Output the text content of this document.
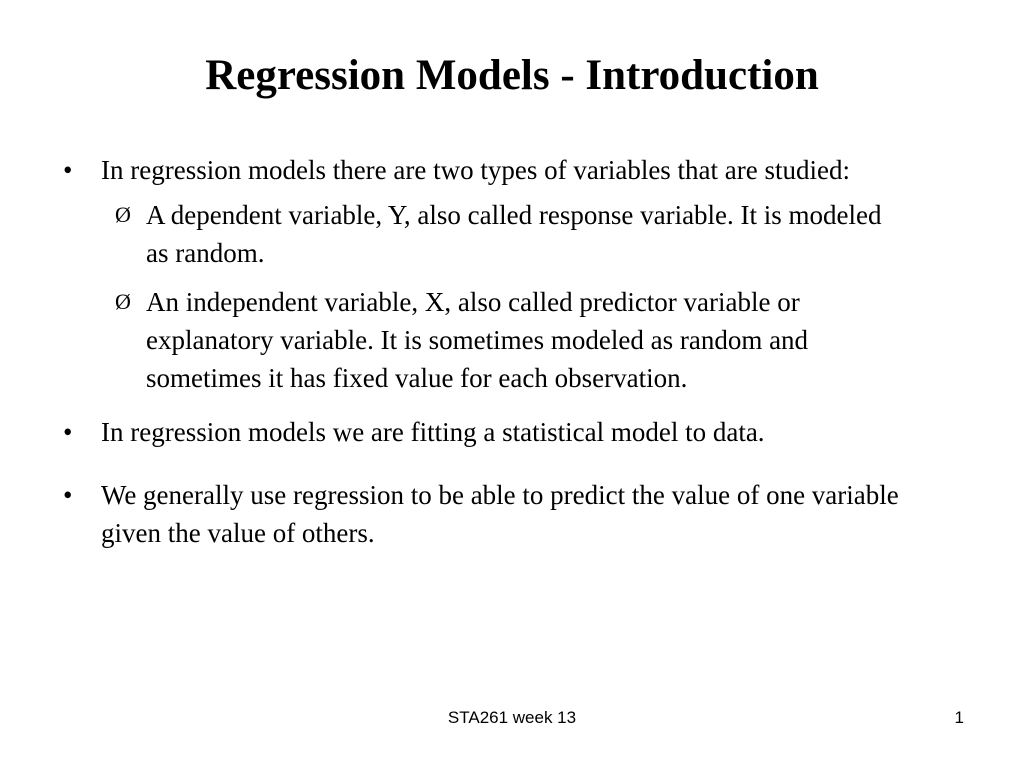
Regression Models - Introduction
• In regression models there are two types of variables that are studied:
Ø A dependent variable, Y, also called response variable. It is modeled as random.
Ø An independent variable, X, also called predictor variable or explanatory variable. It is sometimes modeled as random and sometimes it has fixed value for each observation.
• In regression models we are fitting a statistical model to data.
• We generally use regression to be able to predict the value of one variable given the value of others.
STA261 week 13	1
